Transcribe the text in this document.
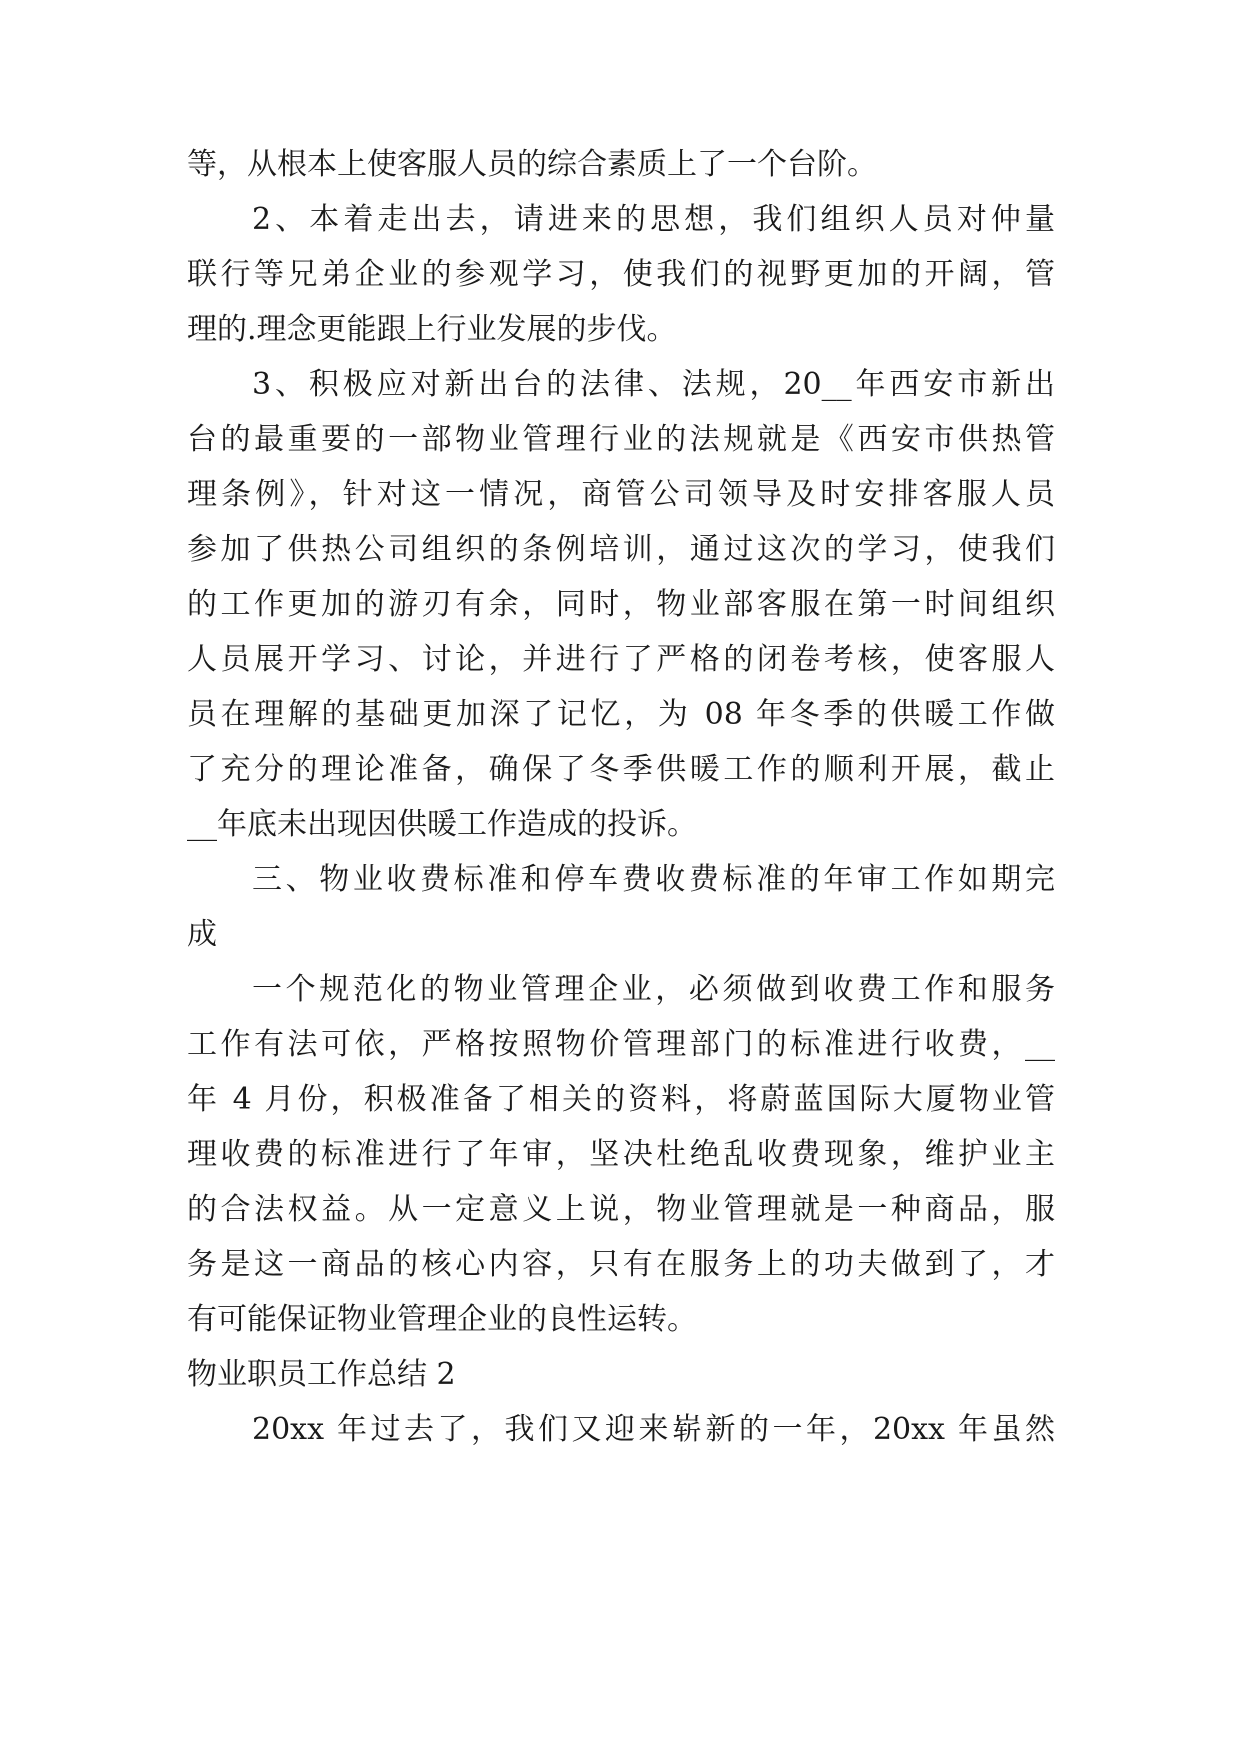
等，从根本上使客服人员的综合素质上了一个台阶。
2、本着走出去，请进来的思想，我们组织人员对仲量
联行等兄弟企业的参观学习，使我们的视野更加的开阔，管
理的.理念更能跟上行业发展的步伐。
3、积极应对新出台的法律、法规，20__年西安市新出
台的最重要的一部物业管理行业的法规就是《西安市供热管
理条例》，针对这一情况，商管公司领导及时安排客服人员
参加了供热公司组织的条例培训，通过这次的学习，使我们
的工作更加的游刃有余，同时，物业部客服在第一时间组织
人员展开学习、讨论，并进行了严格的闭卷考核，使客服人
员在理解的基础更加深了记忆，为 08 年冬季的供暖工作做
了充分的理论准备，确保了冬季供暖工作的顺利开展，截止
__年底未出现因供暖工作造成的投诉。
三、物业收费标准和停车费收费标准的年审工作如期完
成
一个规范化的物业管理企业，必须做到收费工作和服务
工作有法可依，严格按照物价管理部门的标准进行收费，__
年 4 月份，积极准备了相关的资料，将蔚蓝国际大厦物业管
理收费的标准进行了年审，坚决杜绝乱收费现象，维护业主
的合法权益。从一定意义上说，物业管理就是一种商品，服
务是这一商品的核心内容，只有在服务上的功夫做到了，才
有可能保证物业管理企业的良性运转。
物业职员工作总结 2
20xx 年过去了，我们又迎来崭新的一年，20xx 年虽然
